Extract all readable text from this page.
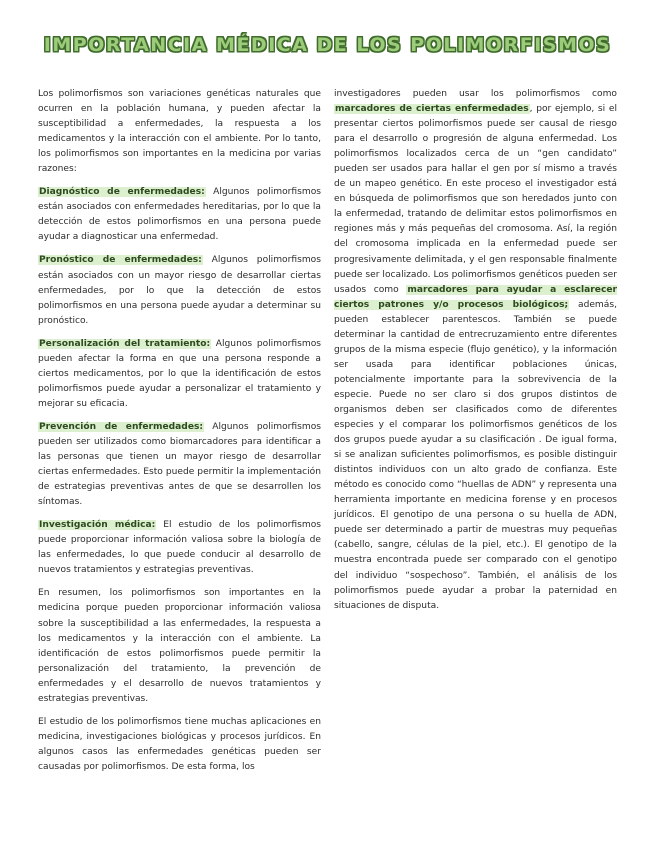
IMPORTANCIA MÉDICA DE LOS POLIMORFISMOS

Los polimorfismos son variaciones genéticas naturales que ocurren en la población humana, y pueden afectar la susceptibilidad a enfermedades, la respuesta a los medicamentos y la interacción con el ambiente. Por lo tanto, los polimorfismos son importantes en la medicina por varias razones:

Diagnóstico de enfermedades: Algunos polimorfismos están asociados con enfermedades hereditarias, por lo que la detección de estos polimorfismos en una persona puede ayudar a diagnosticar una enfermedad.

Pronóstico de enfermedades: Algunos polimorfismos están asociados con un mayor riesgo de desarrollar ciertas enfermedades, por lo que la detección de estos polimorfismos en una persona puede ayudar a determinar su pronóstico.

Personalización del tratamiento: Algunos polimorfismos pueden afectar la forma en que una persona responde a ciertos medicamentos, por lo que la identificación de estos polimorfismos puede ayudar a personalizar el tratamiento y mejorar su eficacia.

Prevención de enfermedades: Algunos polimorfismos pueden ser utilizados como biomarcadores para identificar a las personas que tienen un mayor riesgo de desarrollar ciertas enfermedades. Esto puede permitir la implementación de estrategias preventivas antes de que se desarrollen los síntomas.

Investigación médica: El estudio de los polimorfismos puede proporcionar información valiosa sobre la biología de las enfermedades, lo que puede conducir al desarrollo de nuevos tratamientos y estrategias preventivas.

En resumen, los polimorfismos son importantes en la medicina porque pueden proporcionar información valiosa sobre la susceptibilidad a las enfermedades, la respuesta a los medicamentos y la interacción con el ambiente. La identificación de estos polimorfismos puede permitir la personalización del tratamiento, la prevención de enfermedades y el desarrollo de nuevos tratamientos y estrategias preventivas.

El estudio de los polimorfismos tiene muchas aplicaciones en medicina, investigaciones biológicas y procesos jurídicos. En algunos casos las enfermedades genéticas pueden ser causadas por polimorfismos. De esta forma, los

investigadores pueden usar los polimorfismos como marcadores de ciertas enfermedades, por ejemplo, si el presentar ciertos polimorfismos puede ser causal de riesgo para el desarrollo o progresión de alguna enfermedad. Los polimorfismos localizados cerca de un “gen candidato” pueden ser usados para hallar el gen por sí mismo a través de un mapeo genético. En este proceso el investigador está en búsqueda de polimorfismos que son heredados junto con la enfermedad, tratando de delimitar estos polimorfismos en regiones más y más pequeñas del cromosoma. Así, la región del cromosoma implicada en la enfermedad puede ser progresivamente delimitada, y el gen responsable finalmente puede ser localizado. Los polimorfismos genéticos pueden ser usados como marcadores para ayudar a esclarecer ciertos patrones y/o procesos biológicos; además, pueden establecer parentescos. También se puede determinar la cantidad de entrecruzamiento entre diferentes grupos de la misma especie (flujo genético), y la información ser usada para identificar poblaciones únicas, potencialmente importante para la sobrevivencia de la especie. Puede no ser claro si dos grupos distintos de organismos deben ser clasificados como de diferentes especies y el comparar los polimorfismos genéticos de los dos grupos puede ayudar a su clasificación . De igual forma, si se analizan suficientes polimorfismos, es posible distinguir distintos individuos con un alto grado de confianza. Este método es conocido como “huellas de ADN” y representa una herramienta importante en medicina forense y en procesos jurídicos. El genotipo de una persona o su huella de ADN, puede ser determinado a partir de muestras muy pequeñas (cabello, sangre, células de la piel, etc.). El genotipo de la muestra encontrada puede ser comparado con el genotipo del individuo “sospechoso”. También, el análisis de los polimorfismos puede ayudar a probar la paternidad en situaciones de disputa.
